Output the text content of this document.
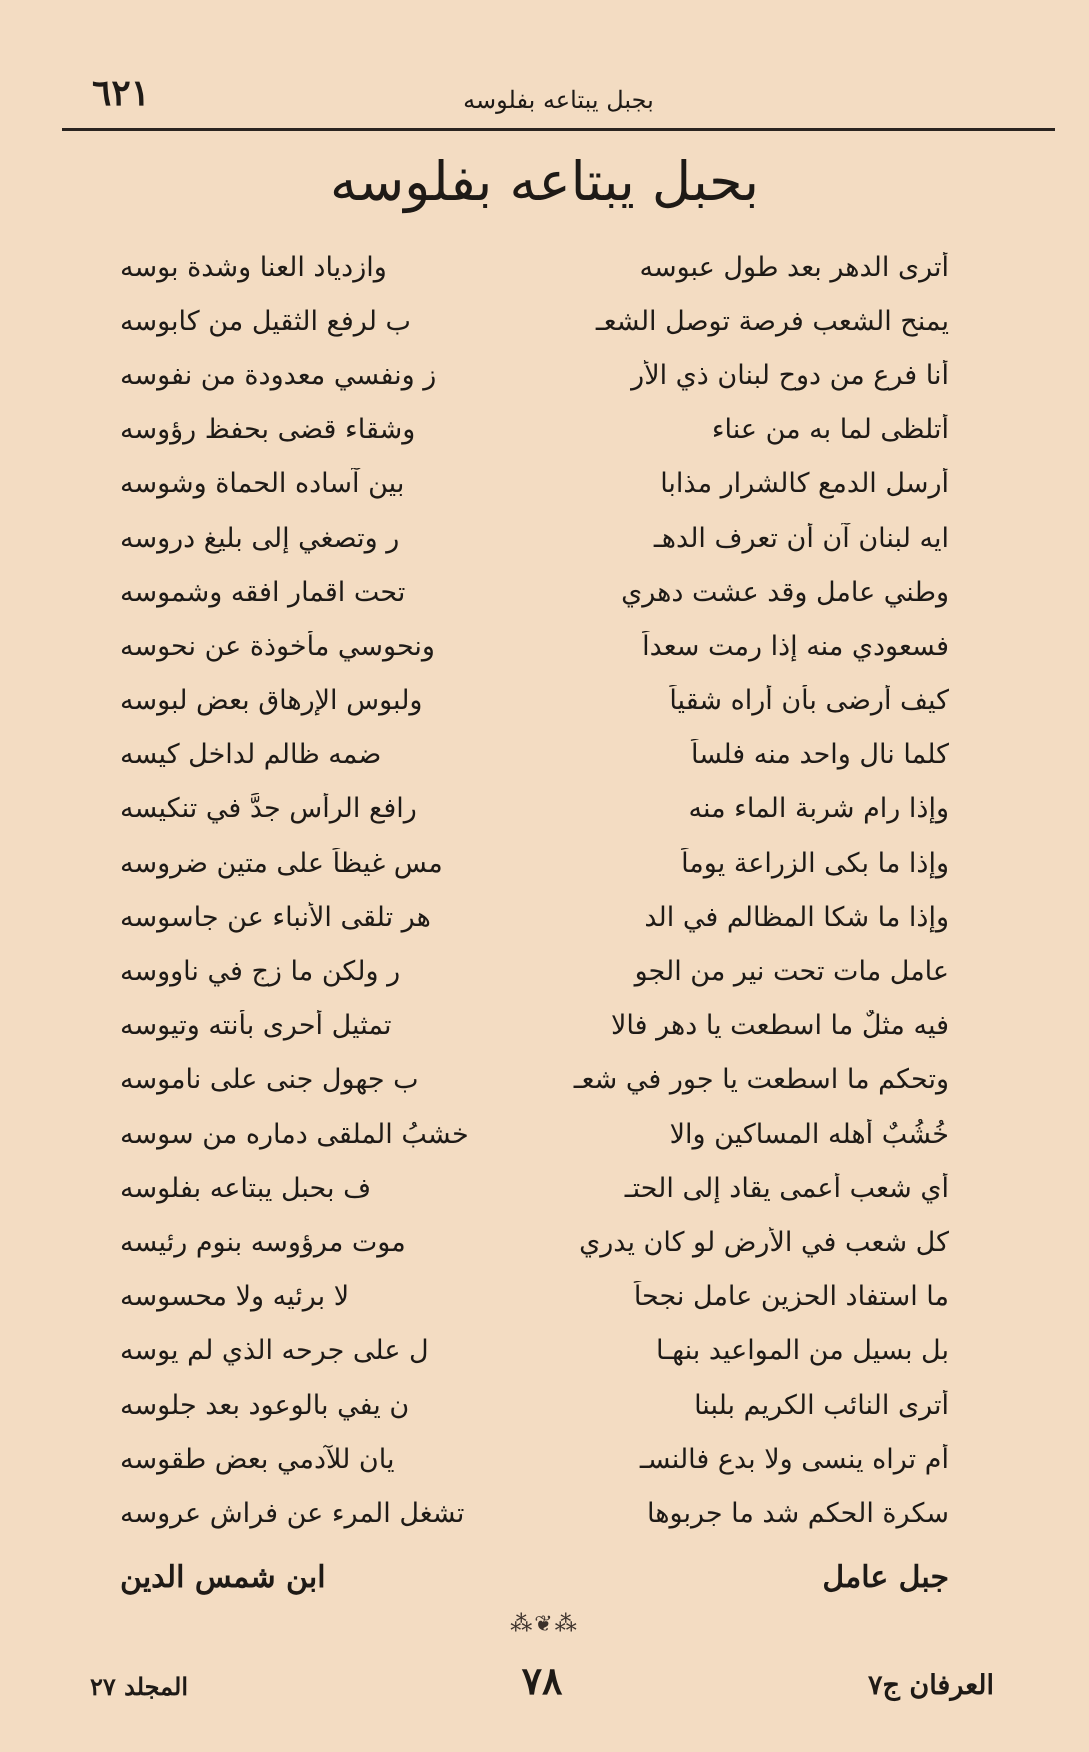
٦٢١	بجبل يبتاعه بفلوسه
بحبل يبتاعه بفلوسه
أترى الدهر بعد طول عبوسه
وازدياد العنا وشدة بوسه
يمنح الشعب فرصة توصل الشعـ
ب لرفع الثقيل من كابوسه
أنا فرع من دوح لبنان ذي الأر
ز ونفسي معدودة من نفوسه
أتلظى لما به من عناء
وشقاء قضى بحفظ رؤوسه
أرسل الدمع كالشرار مذابا
بين آساده الحماة وشوسه
ايه لبنان آن أن تعرف الدهـ
ر وتصغي إلى بليغ دروسه
وطني عامل وقد عشت دهري
تحت اقمار افقه وشموسه
فسعودي منه إذا رمت سعداً
ونحوسي مأخوذة عن نحوسه
كيف أرضى بأن أراه شقياً
ولبوس الإرهاق بعض لبوسه
كلما نال واحد منه فلساً
ضمه ظالم لداخل كيسه
وإذا رام شربة الماء منه
رافع الرأس جدَّ في تنكيسه
وإذا ما بكى الزراعة يوماً
مس غيظاً على متين ضروسه
وإذا ما شكا المظالم في الد
هر تلقى الأنباء عن جاسوسه
عامل مات تحت نير من الجو
ر ولكن ما زج في ناووسه
فيه مثلٌ ما اسطعت يا دهر فالا
تمثيل أحرى بأنته وتيوسه
وتحكم ما اسطعت يا جور في شعـ
ب جهول جنى على ناموسه
خُشُبٌ أهله المساكين والا
خشبُ الملقى دماره من سوسه
أي شعب أعمى يقاد إلى الحتـ
ف بحبل يبتاعه بفلوسه
كل شعب في الأرض لو كان يدري
موت مرؤوسه بنوم رئيسه
ما استفاد الحزين عامل نجحاً
لا برئيه ولا محسوسه
بل بسيل من المواعيد بنهـا
ل على جرحه الذي لم يوسه
أترى النائب الكريم بلبنا
ن يفي بالوعود بعد جلوسه
أم تراه ينسى ولا بدع فالنسـ
يان للآدمي بعض طقوسه
سكرة الحكم شد ما جربوها
تشغل المرء عن فراش عروسه
جبل عامل
ابن شمس الدين
⁂❦⁂
العرفان ج٧
٧٨
المجلد ٢٧
